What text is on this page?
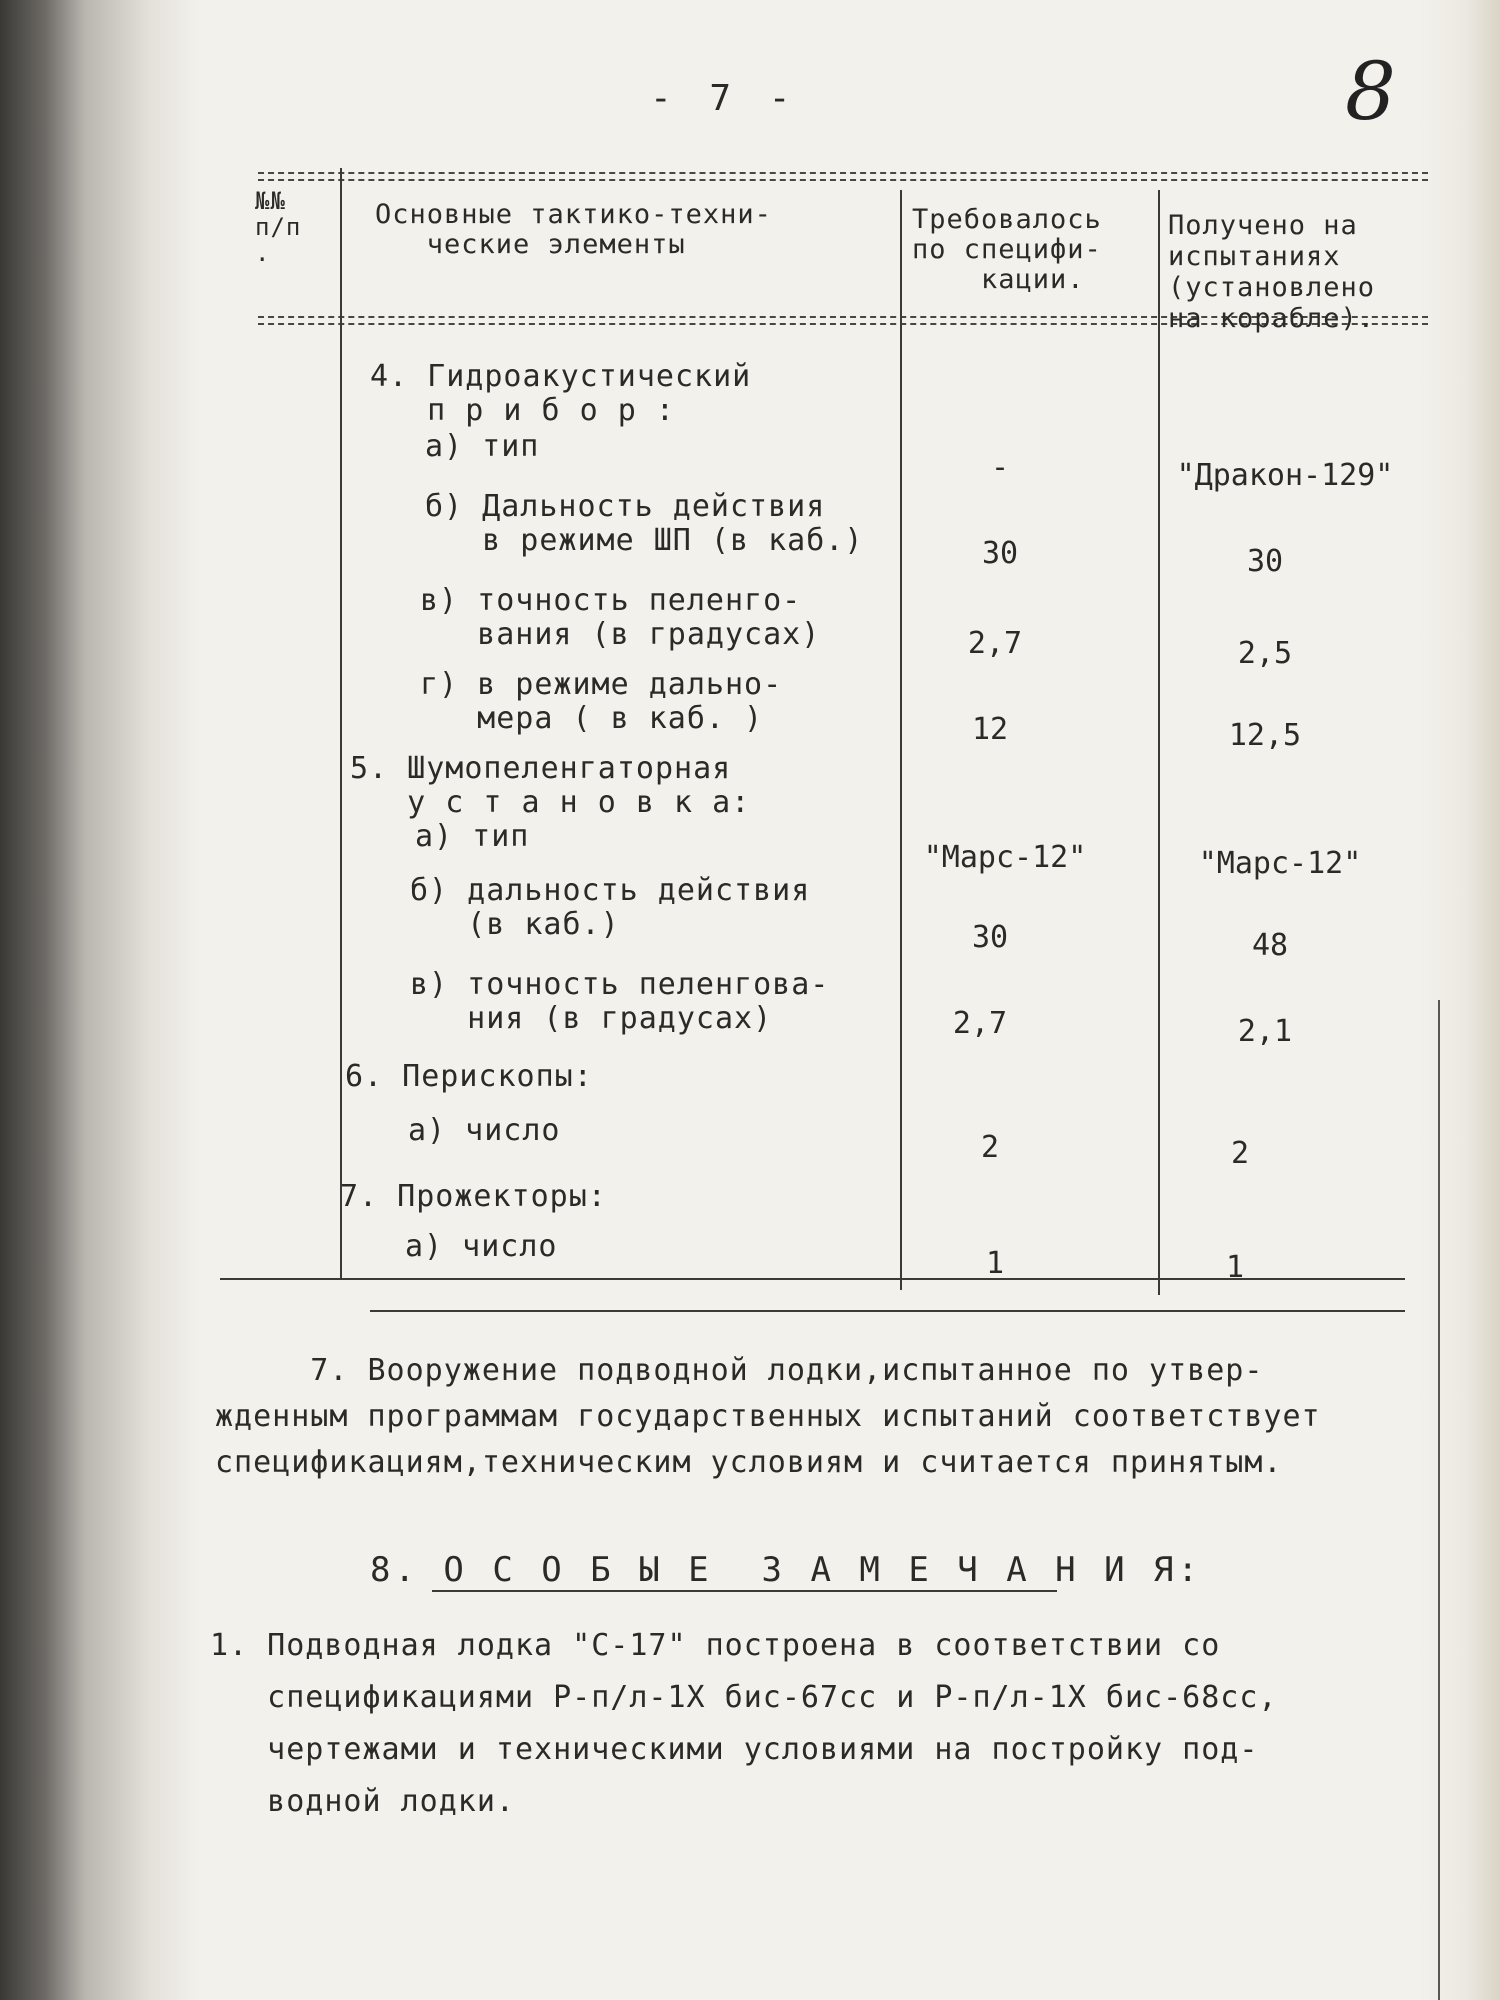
- 7 -	8
№№
п/п
.
Основные тактико-техни-
ческие элементы
Требовалось
по специфи-
кации.
Получено на
испытаниях
(установлено
на корабле).
4. Гидроакустический
п р и б о р :
а) тип
б) Дальность действия
в режиме ШП (в каб.)
в) точность пеленго-
вания (в градусах)
г) в режиме дально-
мера ( в каб. )
5. Шумопеленгаторная
у с т а н о в к а:
а) тип
б) дальность действия
(в каб.)
в) точность пеленгова-
ния (в градусах)
6. Перископы:
а) число
7. Прожекторы:
а) число
-
30
2,7
12
"Марс-12"
30
2,7
2
1
"Дракон-129"
30
2,5
12,5
"Марс-12"
48
2,1
2
1
7. Вооружение подводной лодки,испытанное по утвер-
жденным программам государственных испытаний соответствует
спецификациям,техническим условиям и считается принятым.
8. О С О Б Ы Е  З А М Е Ч А Н И Я:
1. Подводная лодка "С-17" построена в соответствии со
спецификациями Р-п/л-1Х бис-67сс и Р-п/л-1Х бис-68сс,
чертежами и техническими условиями на постройку под-
водной лодки.
